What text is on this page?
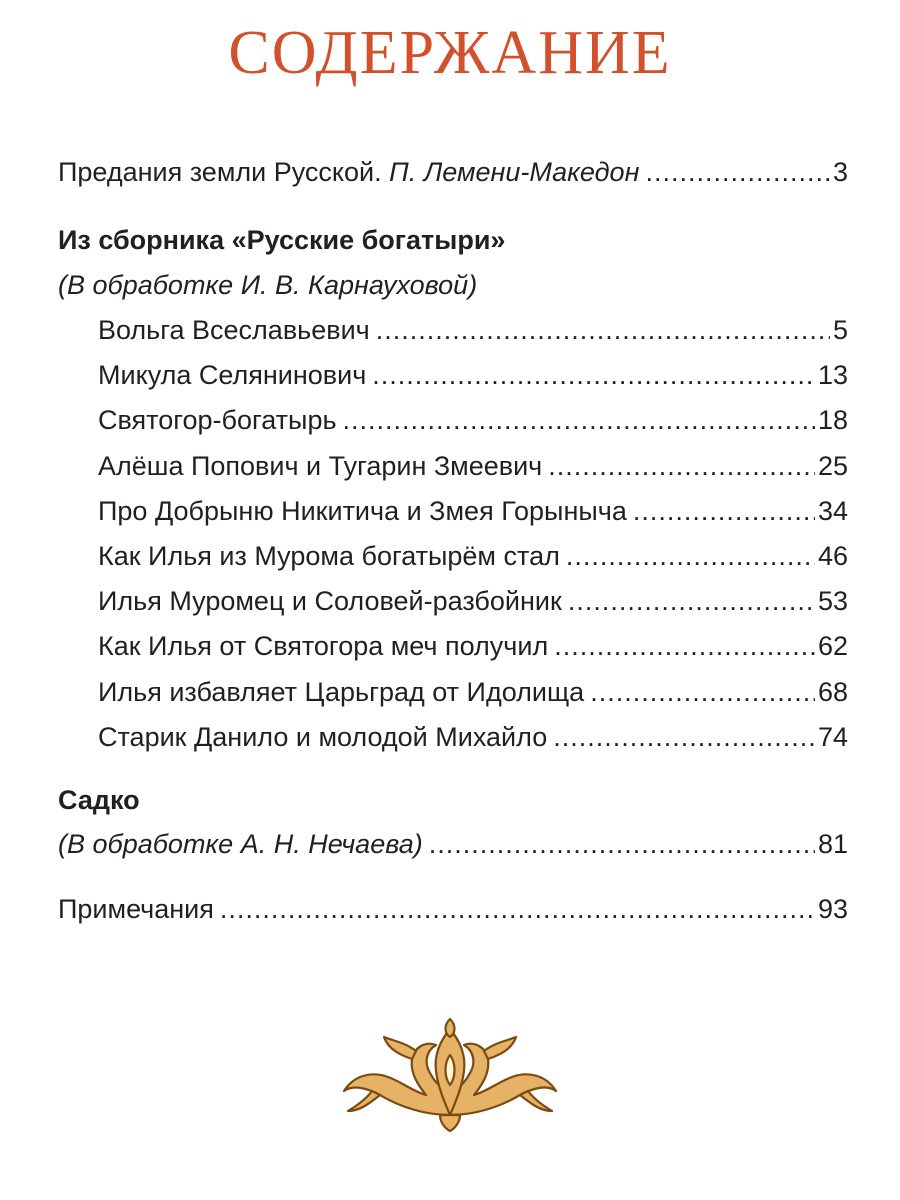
СОДЕРЖАНИЕ
Предания земли Русской. П. Лемени-Македон .....	3
Из сборника «Русские богатыри»
(В обработке И. В. Карнауховой)
Вольга Всеславьевич .....	5
Микула Селянинович .....	13
Святогор-богатырь .....	18
Алёша Попович и Тугарин Змеевич .....	25
Про Добрыню Никитича и Змея Горыныча .....	34
Как Илья из Мурома богатырём стал .....	46
Илья Муромец и Соловей-разбойник .....	53
Как Илья от Святогора меч получил .....	62
Илья избавляет Царьград от Идолища .....	68
Старик Данило и молодой Михайло .....	74
Садко
(В обработке А. Н. Нечаева) .....	81
Примечания .....	93
